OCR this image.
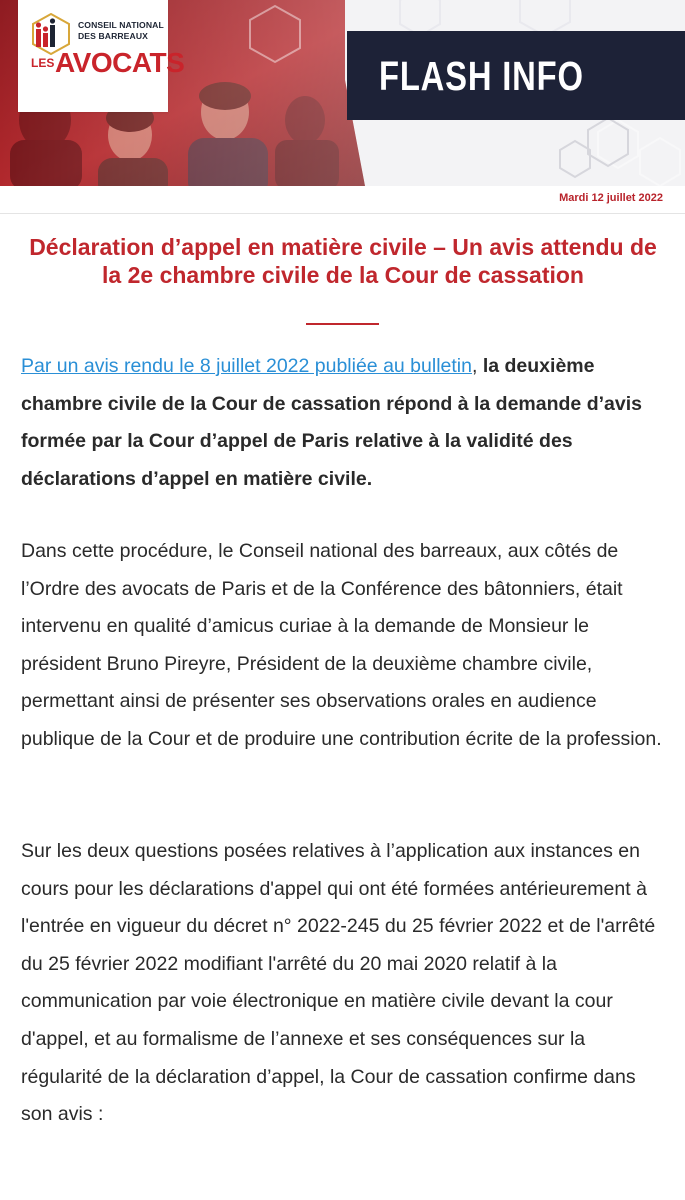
CONSEIL NATIONAL
DES BARREAUX
LES AVOCATS	FLASH INFO
Mardi 12 juillet 2022
Déclaration d’appel en matière civile – Un avis attendu de la 2e chambre civile de la Cour de cassation
Par un avis rendu le 8 juillet 2022 publiée au bulletin, la deuxième chambre civile de la Cour de cassation répond à la demande d’avis formée par la Cour d’appel de Paris relative à la validité des déclarations d’appel en matière civile.
Dans cette procédure, le Conseil national des barreaux, aux côtés de l’Ordre des avocats de Paris et de la Conférence des bâtonniers, était intervenu en qualité d’amicus curiae à la demande de Monsieur le président Bruno Pireyre, Président de la deuxième chambre civile, permettant ainsi de présenter ses observations orales en audience publique de la Cour et de produire une contribution écrite de la profession.
Sur les deux questions posées relatives à l’application aux instances en cours pour les déclarations d'appel qui ont été formées antérieurement à l'entrée en vigueur du décret n° 2022-245 du 25 février 2022 et de l'arrêté du 25 février 2022 modifiant l'arrêté du 20 mai 2020 relatif à la communication par voie électronique en matière civile devant la cour d'appel, et au formalisme de l’annexe et ses conséquences sur la régularité de la déclaration d’appel, la Cour de cassation confirme dans son avis :
